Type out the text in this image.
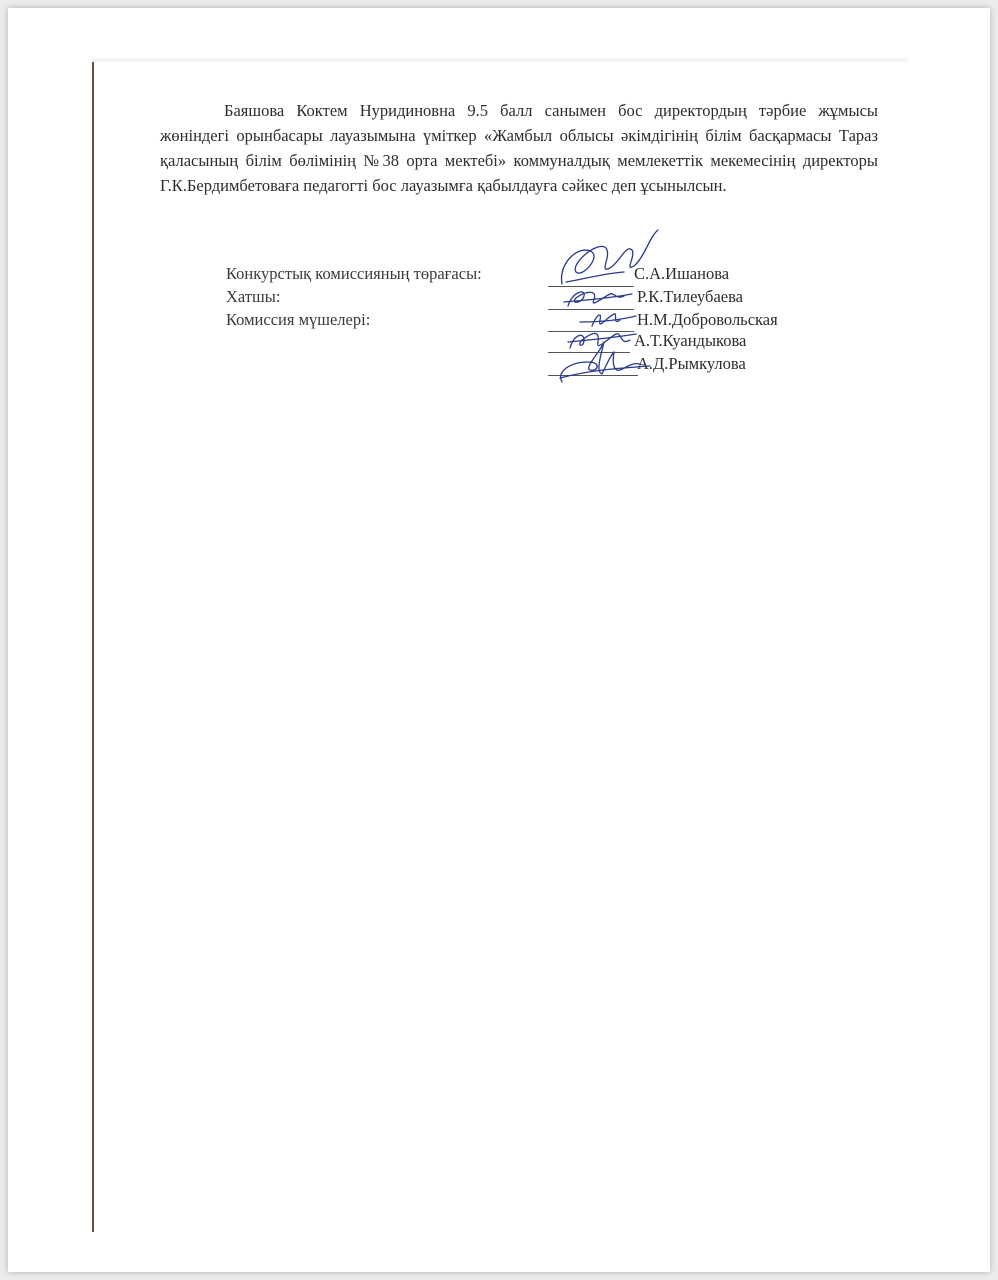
Баяшова Коктем Нуридиновна 9.5 балл санымен бос директордың тәрбие жұмысы жөніндегі орынбасары лауазымына үміткер «Жамбыл облысы әкімдігінің білім басқармасы Тараз қаласының білім бөлімінің №38 орта мектебі» коммуналдық мемлекеттік мекемесінің директоры Г.К.Бердимбетоваға педагогті бос лауазымға қабылдауға сәйкес деп ұсынылсын.

Конкурстық комиссияның төрағасы:
Хатшы:
Комиссия мүшелері:
С.А.Ишанова
Р.К.Тилеубаева
Н.М.Добровольская
А.Т.Куандыкова
А.Д.Рымкулова
